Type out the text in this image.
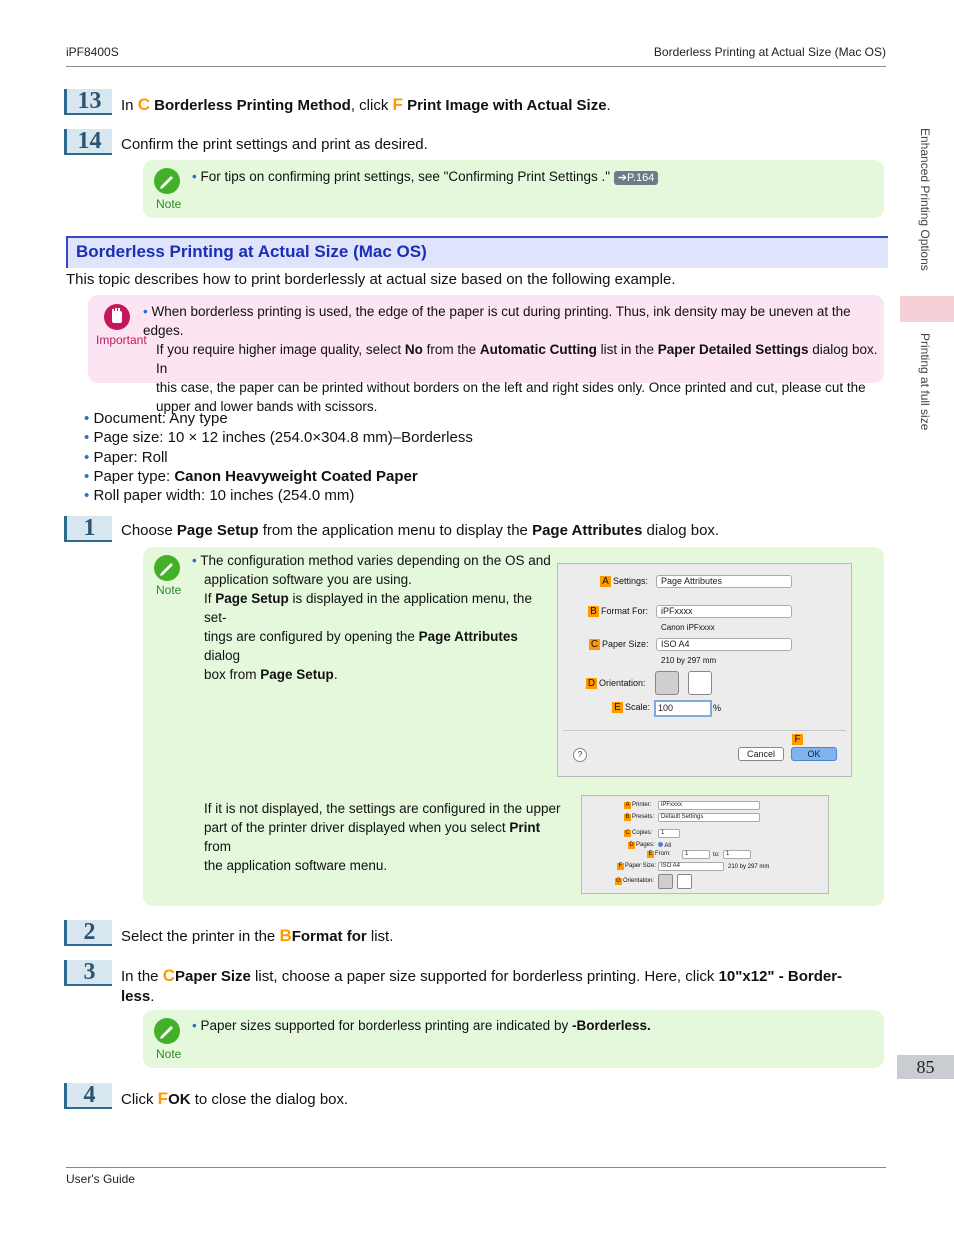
iPF8400S	Borderless Printing at Actual Size (Mac OS)
Enhanced Printing Options
Printing at full size
85
13	In C Borderless Printing Method, click F Print Image with Actual Size.
14	Confirm the print settings and print as desired.
Note
• For tips on confirming print settings, see "Confirming Print Settings ." ➔P.164
Borderless Printing at Actual Size (Mac OS)
This topic describes how to print borderlessly at actual size based on the following example.
Important
• When borderless printing is used, the edge of the paper is cut during printing. Thus, ink density may be uneven at the edges.
If you require higher image quality, select No from the Automatic Cutting list in the Paper Detailed Settings dialog box. In
this case, the paper can be printed without borders on the left and right sides only. Once printed and cut, please cut the
upper and lower bands with scissors.
• Document: Any type
• Page size: 10 × 12 inches (254.0×304.8 mm)–Borderless
• Paper: Roll
• Paper type: Canon Heavyweight Coated Paper
• Roll paper width: 10 inches (254.0 mm)
1	Choose Page Setup from the application menu to display the Page Attributes dialog box.
Note
• The configuration method varies depending on the OS and
application software you are using.
If Page Setup is displayed in the application menu, the set-
tings are configured by opening the Page Attributes dialog
box from Page Setup.
If it is not displayed, the settings are configured in the upper
part of the printer driver displayed when you select Print from
the application software menu.
A Settings:	Page Attributes
B Format For:	iPFxxxx
Canon iPFxxxx
C Paper Size:	ISO A4
210 by 297 mm
D Orientation:
E Scale: 100	%
?	Cancel
F
OK
A Printer:	iPFxxxx
B Presets:	Default Settings
C Copies:	1
D Pages:	All
E From:	1	to:	1
F Paper Size: ISO A4	210 by 297 mm
G Orientation:
2	Select the printer in the BFormat for list.
3	In the CPaper Size list, choose a paper size supported for borderless printing. Here, click 10"x12" - Border-
less.
Note
• Paper sizes supported for borderless printing are indicated by -Borderless.
4	Click FOK to close the dialog box.
User's Guide
